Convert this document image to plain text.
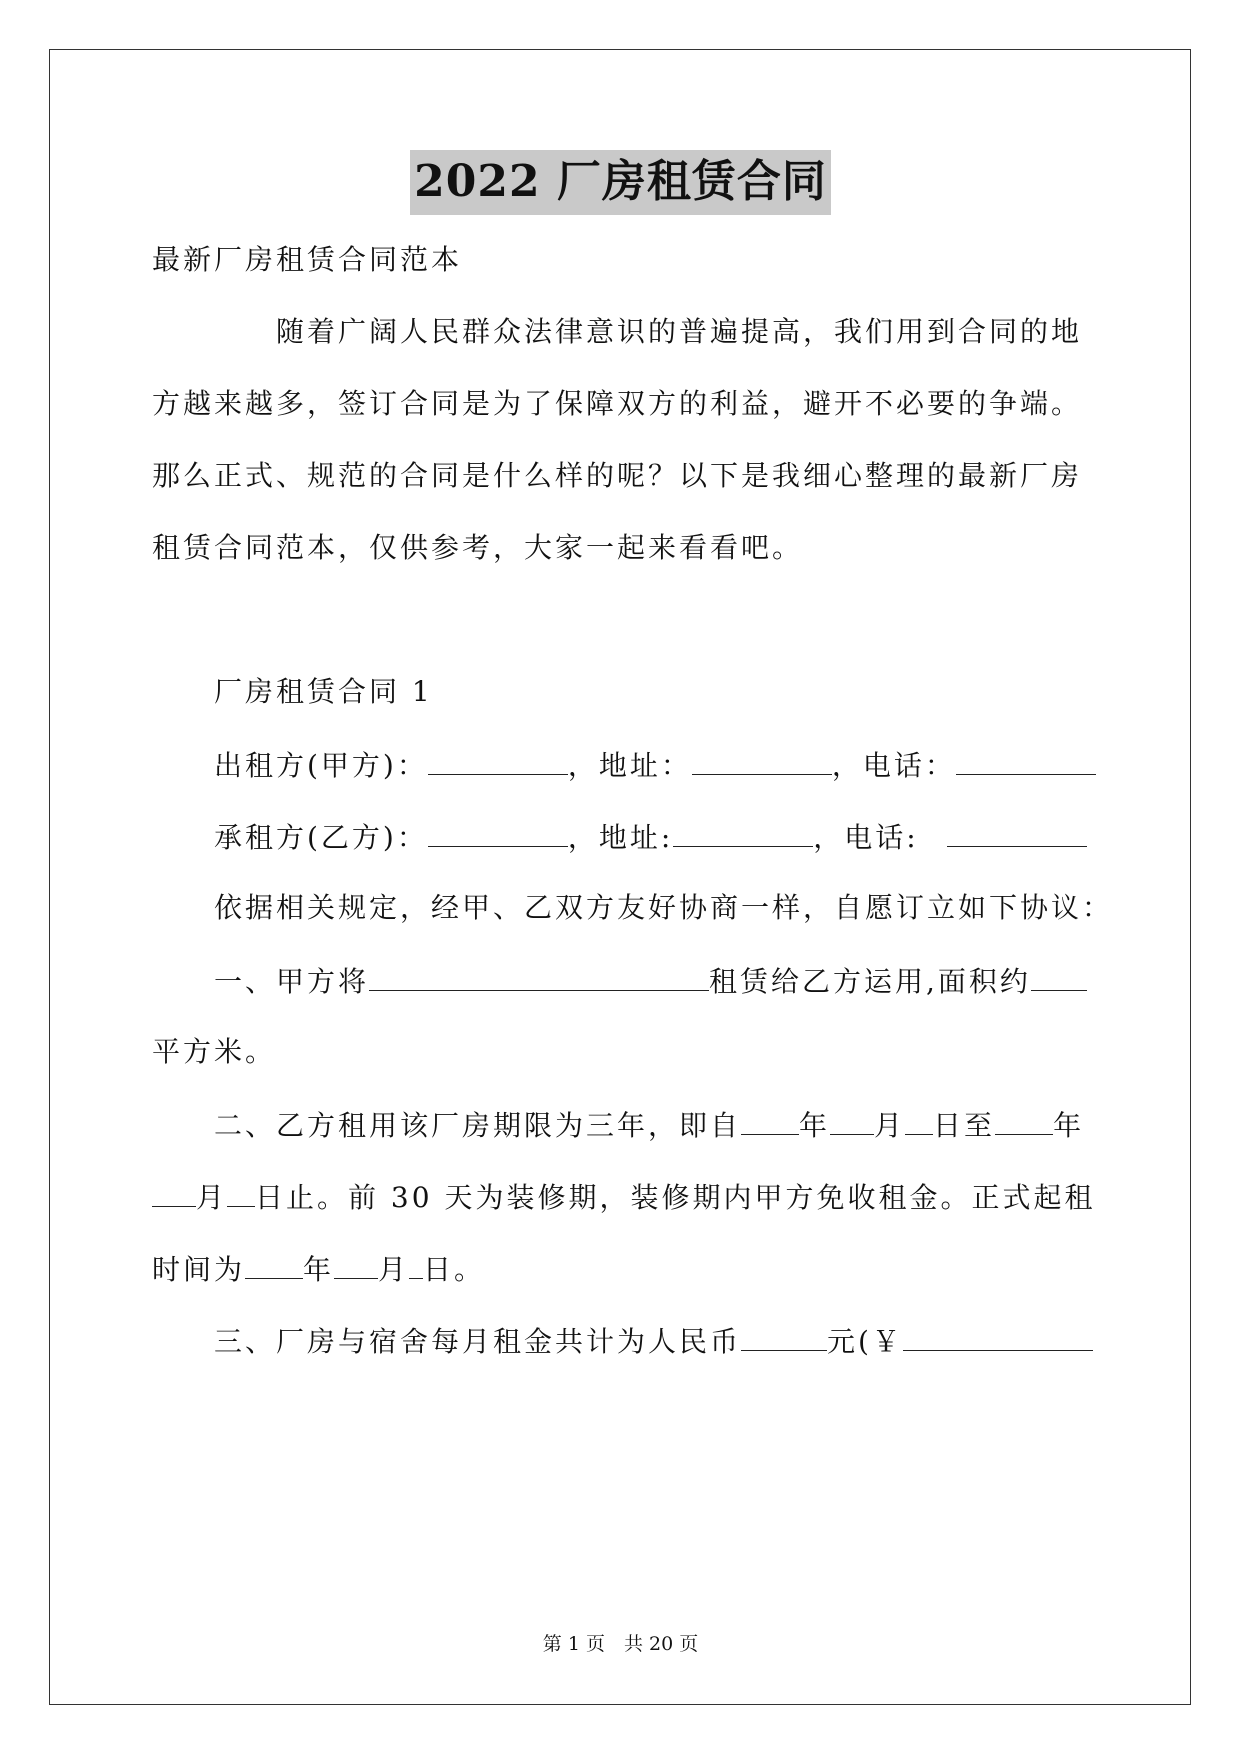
2022 厂房租赁合同
最新厂房租赁合同范本
随着广阔人民群众法律意识的普遍提高，我们用到合同的地
方越来越多，签订合同是为了保障双方的利益，避开不必要的争端。
那么正式、规范的合同是什么样的呢？以下是我细心整理的最新厂房
租赁合同范本，仅供参考，大家一起来看看吧。
厂房租赁合同 1
出租方(甲方)：	，地址：	，电话：
承租方(乙方)：	，地址:	，电话:
依据相关规定，经甲、乙双方友好协商一样，自愿订立如下协议：
一、甲方将	租赁给乙方运用,面积约
平方米。
二、乙方租用该厂房期限为三年，即自 年 月 日至 年
月 日止。前 30 天为装修期，装修期内甲方免收租金。正式起租
时间为 年 月 日。
三、厂房与宿舍每月租金共计为人民币	元(￥
第 1 页　共 20 页
